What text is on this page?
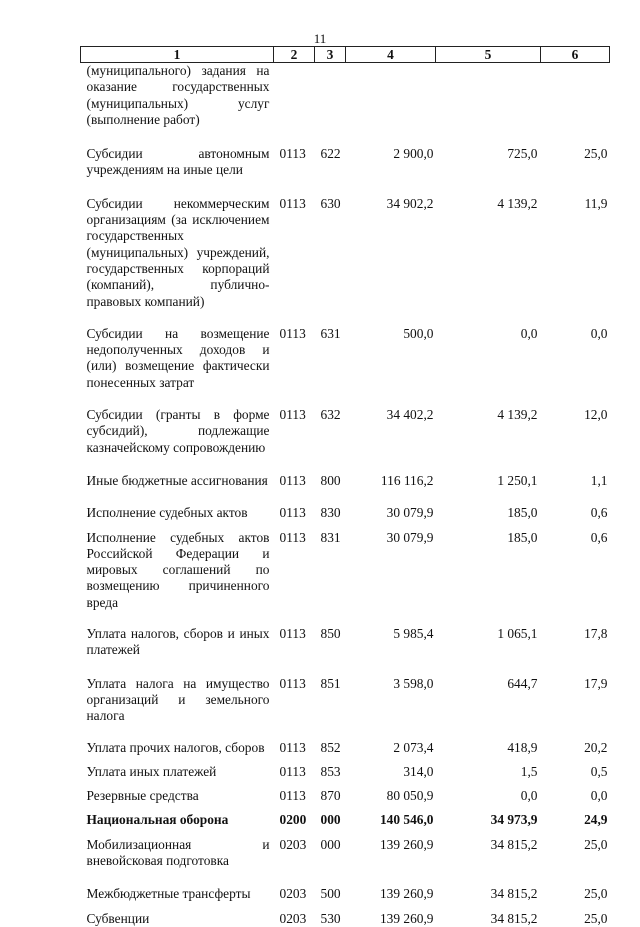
11
1	2	3	4	5	6
(муниципального) задания на оказание государственных (муниципальных) услуг (выполнение работ)					
Субсидии автономным учреждениям на иные цели	0113	622	2 900,0	725,0	25,0
Субсидии некоммерческим организациям (за исключением государственных (муниципальных) учреждений, государственных корпораций (компаний), публично-правовых компаний)	0113	630	34 902,2	4 139,2	11,9
Субсидии на возмещение недополученных доходов и (или) возмещение фактически понесенных затрат	0113	631	500,0	0,0	0,0
Субсидии (гранты в форме субсидий), подлежащие казначейскому сопровождению	0113	632	34 402,2	4 139,2	12,0
Иные бюджетные ассигнования	0113	800	116 116,2	1 250,1	1,1
Исполнение судебных актов	0113	830	30 079,9	185,0	0,6
Исполнение судебных актов Российской Федерации и мировых соглашений по возмещению причиненного вреда	0113	831	30 079,9	185,0	0,6
Уплата налогов, сборов и иных платежей	0113	850	5 985,4	1 065,1	17,8
Уплата налога на имущество организаций и земельного налога	0113	851	3 598,0	644,7	17,9
Уплата прочих налогов, сборов	0113	852	2 073,4	418,9	20,2
Уплата иных платежей	0113	853	314,0	1,5	0,5
Резервные средства	0113	870	80 050,9	0,0	0,0
Национальная оборона	0200	000	140 546,0	34 973,9	24,9
Мобилизационная и вневойсковая подготовка	0203	000	139 260,9	34 815,2	25,0
Межбюджетные трансферты	0203	500	139 260,9	34 815,2	25,0
Субвенции	0203	530	139 260,9	34 815,2	25,0
